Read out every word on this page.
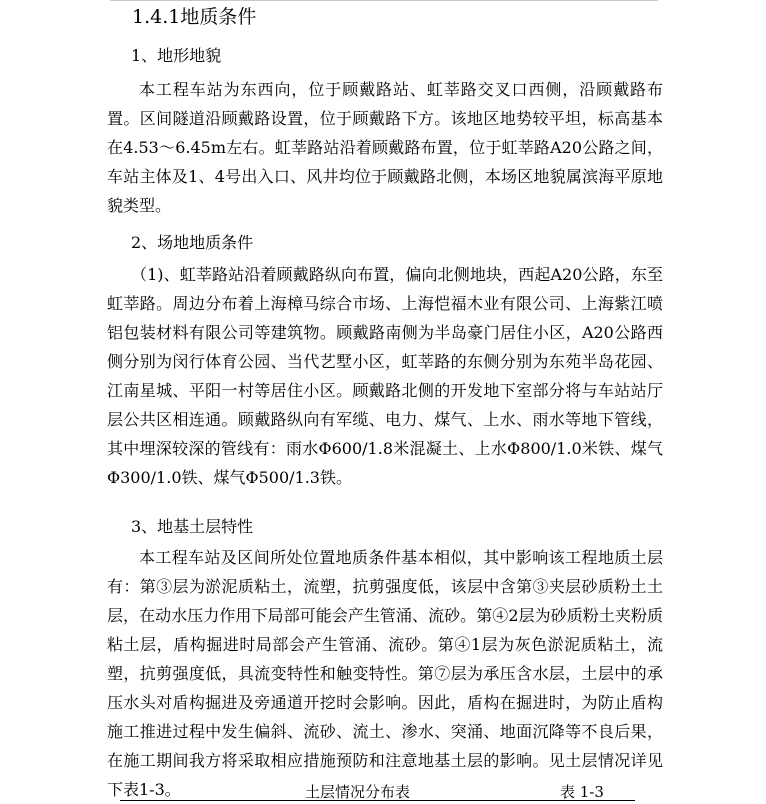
1.4.1地质条件
1、地形地貌

本工程车站为东西向，位于顾戴路站、虹莘路交叉口西侧，沿顾戴路布置。区间隧道沿顾戴路设置，位于顾戴路下方。该地区地势较平坦，标高基本在4.53～6.45m左右。虹莘路站沿着顾戴路布置，位于虹莘路A20公路之间，车站主体及1、4号出入口、风井均位于顾戴路北侧，本场区地貌属滨海平原地貌类型。

2、场地地质条件

（1)、虹莘路站沿着顾戴路纵向布置，偏向北侧地块，西起A20公路，东至虹莘路。周边分布着上海樟马综合市场、上海恺福木业有限公司、上海紫江喷铝包装材料有限公司等建筑物。顾戴路南侧为半岛豪门居住小区，A20公路西侧分别为闵行体育公园、当代艺墅小区，虹莘路的东侧分别为东苑半岛花园、江南星城、平阳一村等居住小区。顾戴路北侧的开发地下室部分将与车站站厅层公共区相连通。顾戴路纵向有军缆、电力、煤气、上水、雨水等地下管线，其中埋深较深的管线有：雨水Φ600/1.8米混凝土、上水Φ800/1.0米铁、煤气Φ300/1.0铁、煤气Φ500/1.3铁。

3、地基土层特性

本工程车站及区间所处位置地质条件基本相似，其中影响该工程地质土层有：第③层为淤泥质粘土，流塑，抗剪强度低，该层中含第③夹层砂质粉土土层，在动水压力作用下局部可能会产生管涌、流砂。第④2层为砂质粉土夹粉质粘土层，盾构掘进时局部会产生管涌、流砂。第④1层为灰色淤泥质粘土，流塑，抗剪强度低，具流变特性和触变特性。第⑦层为承压含水层，土层中的承压水头对盾构掘进及旁通道开挖时会影响。因此，盾构在掘进时，为防止盾构施工推进过程中发生偏斜、流砂、流土、渗水、突涌、地面沉降等不良后果，在施工期间我方将采取相应措施预防和注意地基土层的影响。见土层情况详见下表1-3。	土层情况分布表	表 1-3
